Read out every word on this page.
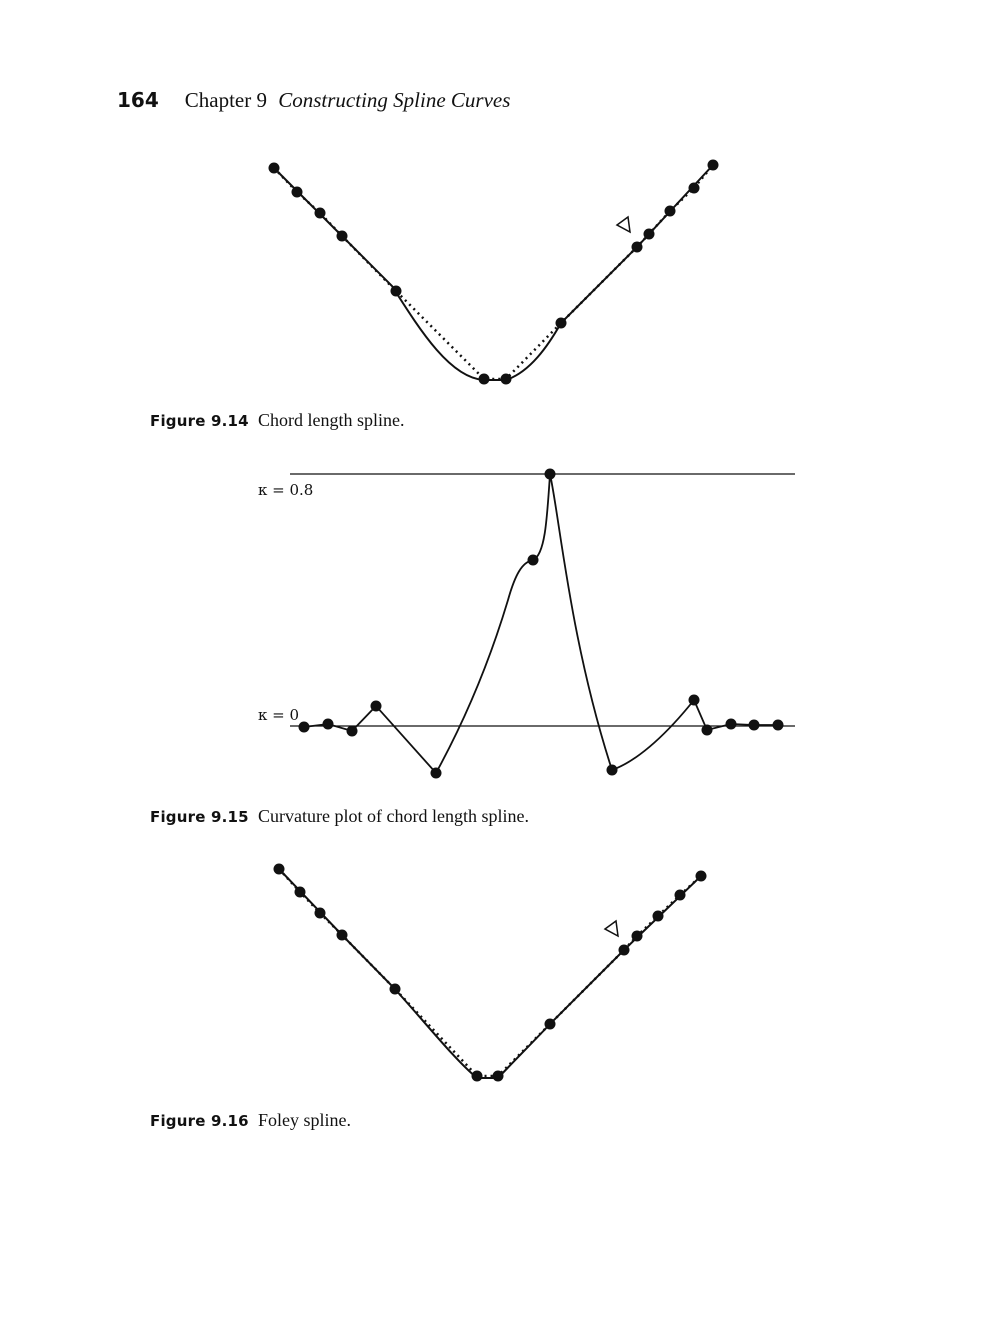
164 Chapter 9 Constructing Spline Curves
Figure 9.14 Chord length spline.
κ = 0.8
κ = 0
Figure 9.15 Curvature plot of chord length spline.
Figure 9.16 Foley spline.
